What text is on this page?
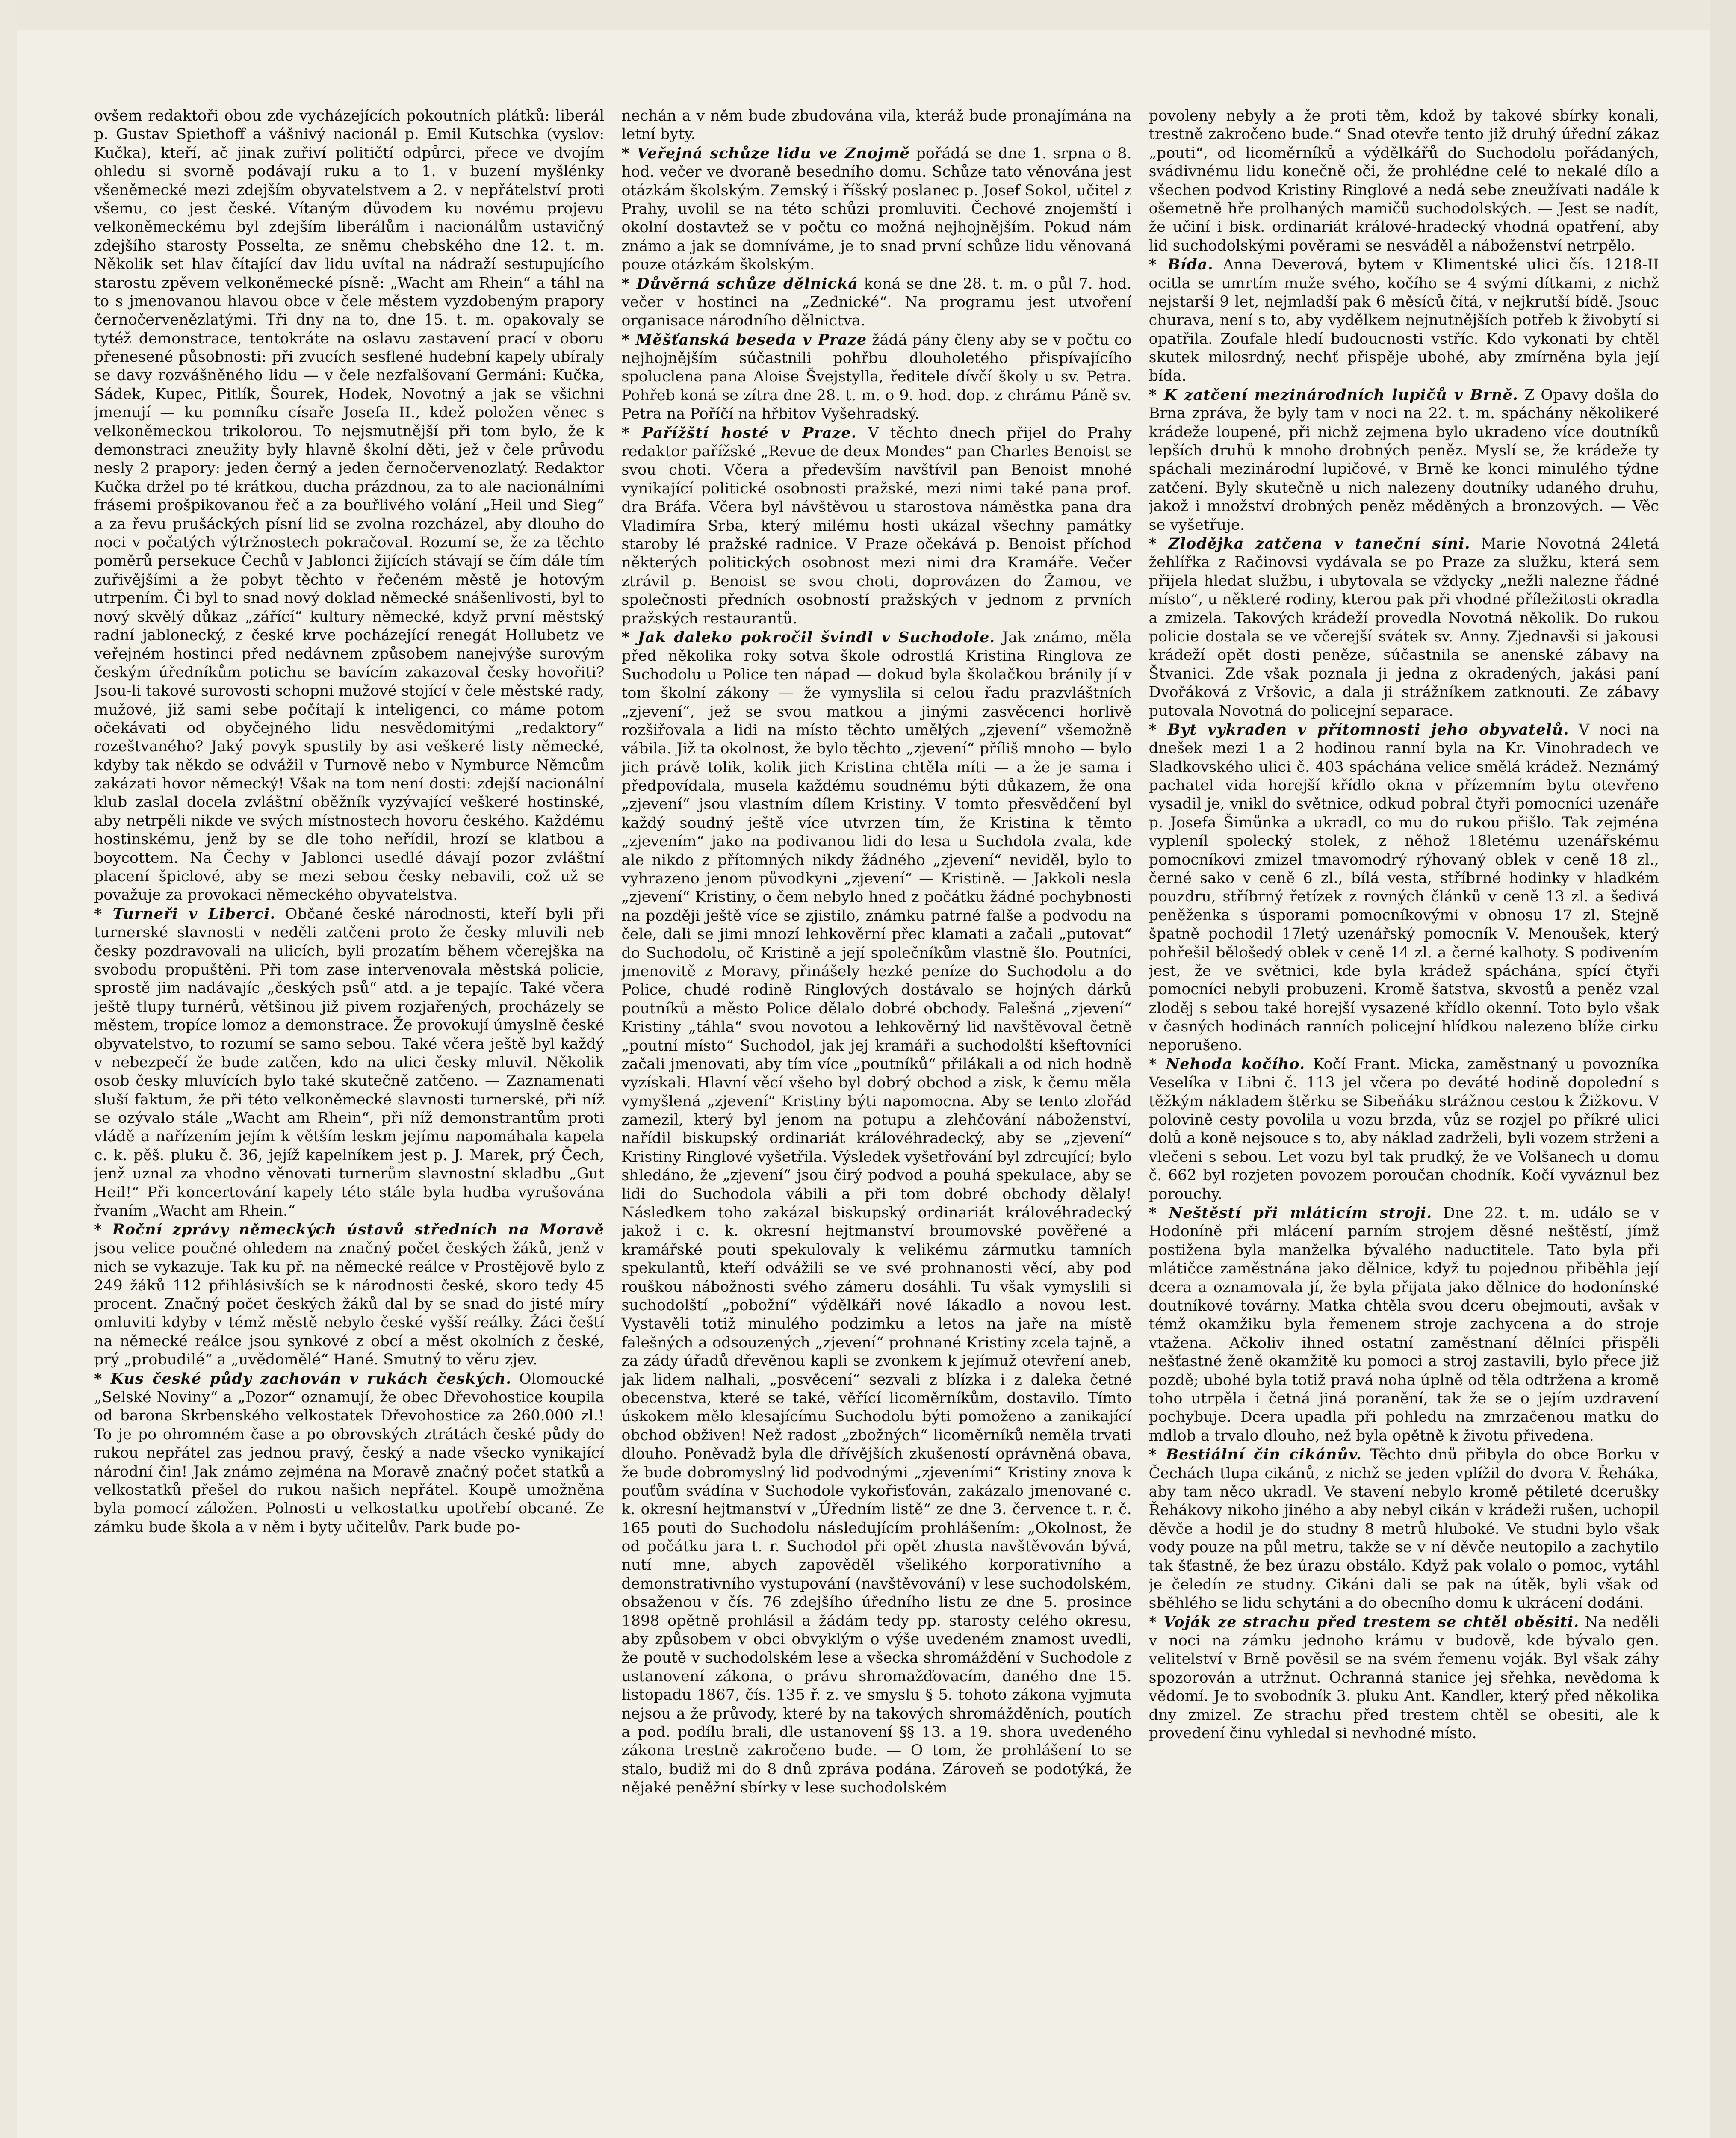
ovšem redaktoři obou zde vycházejících pokoutních plátků: liberál p. Gustav Spiethoff a vášnivý nacionál p. Emil Kutschka (vyslov: Kučka), kteří, ač jinak zuřiví političtí odpůrci, přece ve dvojím ohledu si svorně podávají ruku a to 1. v buzení myšlénky všeněmecké mezi zdejším obyvatelstvem a 2. v nepřátelství proti všemu, co jest české. Vítaným důvodem ku novému projevu velkoněmeckému byl zdejším liberálům i nacionálům ustavičný zdejšího starosty Posselta, ze sněmu chebského dne 12. t. m. Několik set hlav čítající dav lidu uvítal na nádraží sestupujícího starostu zpěvem velkoněmecké písně: „Wacht am Rhein“ a táhl na to s jmenovanou hlavou obce v čele městem vyzdobeným prapory černočervenězlatými. Tři dny na to, dne 15. t. m. opakovaly se tytéž demonstrace, tentokráte na oslavu zastavení prací v oboru přenesené působnosti: při zvucích sesflené hudební kapely ubíraly se davy rozvášněného lidu — v čele nezfalšovaní Germáni: Kučka, Sádek, Kupec, Pitlík, Šourek, Hodek, Novotný a jak se všichni jmenují — ku pomníku císaře Josefa II., kdež položen věnec s velkoněmeckou trikolorou. To nejsmutnější při tom bylo, že k demonstraci zneužity byly hlavně školní děti, jež v čele průvodu nesly 2 prapory: jeden černý a jeden černočervenozlatý. Redaktor Kučka držel po té krátkou, ducha prázdnou, za to ale nacionálními frásemi prošpikovanou řeč a za bouřlivého volání „Heil und Sieg“ a za řevu prušáckých písní lid se zvolna rozcházel, aby dlouho do noci v počatých výtržnostech pokračoval. Rozumí se, že za těchto poměrů persekuce Čechů v Jablonci žijících stávají se čím dále tím zuřivějšími a že pobyt těchto v řečeném městě je hotovým utrpením. Či byl to snad nový doklad německé snášenlivosti, byl to nový skvělý důkaz „zářící“ kultury německé, když první městský radní jablonecký, z české krve pocházející renegát Hollubetz ve veřejném hostinci před nedávnem způsobem nanejvýše surovým českým úředníkům potichu se bavícím zakazoval česky hovořiti? Jsou-li takové surovosti schopni mužové stojící v čele městské rady, mužové, již sami sebe počítají k inteligenci, co máme potom očekávati od obyčejného lidu nesvědomitými „redaktory“ rozeštvaného? Jaký povyk spustily by asi veškeré listy německé, kdyby tak někdo se odvážil v Turnově nebo v Nymburce Němcům zakázati hovor německý! Však na tom není dosti: zdejší nacionální klub zaslal docela zvláštní oběžník vyzývající veškeré hostinské, aby netrpěli nikde ve svých místnostech hovoru českého. Každému hostinskému, jenž by se dle toho neřídil, hrozí se klatbou a boycottem. Na Čechy v Jablonci usedlé dávají pozor zvláštní placení špiclové, aby se mezi sebou česky nebavili, což už se považuje za provokaci německého obyvatelstva.

* Turneři v Liberci. Občané české národnosti, kteří byli při turnerské slavnosti v neděli zatčeni proto že česky mluvili neb česky pozdravovali na ulicích, byli prozatím během včerejška na svobodu propuštěni. Při tom zase intervenovala městská policie, sprostě jim nadávajíc „českých psů“ atd. a je tepajíc. Také včera ještě tlupy turnérů, většinou již pivem rozjařených, procházely se městem, tropíce lomoz a demonstrace. Že provokují úmyslně české obyvatelstvo, to rozumí se samo sebou. Také včera ještě byl každý v nebezpečí že bude zatčen, kdo na ulici česky mluvil. Několik osob česky mluvících bylo také skutečně zatčeno. — Zaznamenati sluší faktum, že při této velkoněmecké slavnosti turnerské, při níž se ozývalo stále „Wacht am Rhein“, při níž demonstrantům proti vládě a nařízením jejím k větším leskm jejímu napomáhala kapela c. k. pěš. pluku č. 36, jejíž kapelníkem jest p. J. Marek, prý Čech, jenž uznal za vhodno věnovati turnerům slavnostní skladbu „Gut Heil!“ Při koncertování kapely této stále byla hudba vyrušována řvaním „Wacht am Rhein.“

* Roční zprávy německých ústavů středních na Moravě jsou velice poučné ohledem na značný počet českých žáků, jenž v nich se vykazuje. Tak ku př. na německé reálce v Prostějově bylo z 249 žáků 112 přihlásivších se k národnosti české, skoro tedy 45 procent. Značný počet českých žáků dal by se snad do jisté míry omluviti kdyby v témž městě nebylo české vyšší reálky. Žáci čeští na německé reálce jsou synkové z obcí a měst okolních z české, prý „probudilé“ a „uvědomělé“ Hané. Smutný to věru zjev.

* Kus české půdy zachován v rukách českých. Olomoucké „Selské Noviny“ a „Pozor“ oznamují, že obec Dřevohostice koupila od barona Skrbenského velkostatek Dřevohostice za 260.000 zl.! To je po ohromném čase a po obrovských ztrátách české půdy do rukou nepřátel zas jednou pravý, český a nade všecko vynikající národní čin! Jak známo zejména na Moravě značný počet statků a velkostatků přešel do rukou našich nepřátel. Koupě umožněna byla pomocí záložen. Polnosti u velkostatku upotřebí obcané. Ze zámku bude škola a v něm i byty učitelův. Park bude po-

nechán a v něm bude zbudována vila, kteráž bude pronajímána na letní byty.

* Veřejná schůze lidu ve Znojmě pořádá se dne 1. srpna o 8. hod. večer ve dvoraně besedního domu. Schůze tato věnována jest otázkám školským. Zemský i říšský poslanec p. Josef Sokol, učitel z Prahy, uvolil se na této schůzi promluviti. Čechové znojemští i okolní dostavtež se v počtu co možná nejhojnějším. Pokud nám známo a jak se domníváme, je to snad první schůze lidu věnovaná pouze otázkám školským.

* Důvěrná schůze dělnická koná se dne 28. t. m. o půl 7. hod. večer v hostinci na „Zednické“. Na programu jest utvoření organisace národního dělnictva.

* Měšťanská beseda v Praze žádá pány členy aby se v počtu co nejhojnějším súčastnili pohřbu dlouholetého přispívajícího spoluclena pana Aloise Švejstylla, ředitele dívčí školy u sv. Petra. Pohřeb koná se zítra dne 28. t. m. o 9. hod. dop. z chrámu Páně sv. Petra na Poříčí na hřbitov Vyšehradský.

* Pařížští hosté v Praze. V těchto dnech přijel do Prahy redaktor pařížské „Revue de deux Mondes“ pan Charles Benoist se svou choti. Včera a především navštívil pan Benoist mnohé vynikající politické osobnosti pražské, mezi nimi také pana prof. dra Bráfa. Včera byl návštěvou u starostova náměstka pana dra Vladimíra Srba, který milému hosti ukázal všechny památky staroby lé pražské radnice. V Praze očekává p. Benoist příchod některých politických osobnost mezi nimi dra Kramáře. Večer ztrávil p. Benoist se svou choti, doprovázen do Žamou, ve společnosti předních osobností pražských v jednom z prvních pražských restaurantů.

* Jak daleko pokročil švindl v Suchodole. Jak známo, měla před několika roky sotva škole odrostlá Kristina Ringlova ze Suchodolu u Police ten nápad — dokud byla školačkou bránily jí v tom školní zákony — že vymyslila si celou řadu prazvláštních „zjevení“, jež se svou matkou a jinými zasvěcenci horlivě rozšiřovala a lidi na místo těchto umělých „zjevení“ všemožně vábila. Již ta okolnost, že bylo těchto „zjevení“ příliš mnoho — bylo jich právě tolik, kolik jich Kristina chtěla míti — a že je sama i předpovídala, musela každému soudnému býti důkazem, že ona „zjevení“ jsou vlastním dílem Kristiny. V tomto přesvědčení byl každý soudný ještě více utvrzen tím, že Kristina k těmto „zjevením“ jako na podivanou lidi do lesa u Suchdola zvala, kde ale nikdo z přítomných nikdy žádného „zjevení“ neviděl, bylo to vyhrazeno jenom původkyni „zjevení“ — Kristině. — Jakkoli nesla „zjevení“ Kristiny, o čem nebylo hned z počátku žádné pochybnosti na později ještě více se zjistilo, známku patrné falše a podvodu na čele, dali se jimi mnozí lehkověrní přec klamati a začali „putovat“ do Suchodolu, oč Kristině a její společníkům vlastně šlo. Poutníci, jmenovitě z Moravy, přinášely hezké peníze do Suchodolu a do Police, chudé rodině Ringlových dostávalo se hojných dárků poutníků a město Police dělalo dobré obchody. Falešná „zjevení“ Kristiny „táhla“ svou novotou a lehkověrný lid navštěvoval četně „poutní místo“ Suchodol, jak jej kramáři a suchodolští kšeftovníci začali jmenovati, aby tím více „poutníků“ přilákali a od nich hodně vyzískali. Hlavní věcí všeho byl dobrý obchod a zisk, k čemu měla vymyšlená „zjevení“ Kristiny býti napomocna. Aby se tento zlořád zamezil, který byl jenom na potupu a zlehčování náboženství, nařídil biskupský ordinariát královéhradecký, aby se „zjevení“ Kristiny Ringlové vyšetřila. Výsledek vyšetřování byl zdrcující; bylo shledáno, že „zjevení“ jsou čirý podvod a pouhá spekulace, aby se lidi do Suchodola vábili a při tom dobré obchody dělaly! Následkem toho zakázal biskupský ordinariát královéhradecký jakož i c. k. okresní hejtmanství broumovské pověřené a kramářské pouti spekulovaly k velikému zármutku tamních spekulantů, kteří odvážili se ve své prohnanosti věcí, aby pod rouškou nábožnosti svého zámeru dosáhli. Tu však vymyslili si suchodolští „pobožní“ výdělkáři nové lákadlo a novou lest. Vystavěli totiž minulého podzimku a letos na jaře na místě falešných a odsouzených „zjevení“ prohnané Kristiny zcela tajně, a za zády úřadů dřevěnou kapli se zvonkem k jejímuž otevření aneb, jak lidem nalhali, „posvěcení“ sezvali z blízka i z daleka četné obecenstva, které se také, věřící licoměrníkům, dostavilo. Tímto úskokem mělo klesajícímu Suchodolu býti pomoženo a zanikající obchod obživen! Než radost „zbožných“ licoměrníků neměla trvati dlouho. Poněvadž byla dle dřívějších zkušeností oprávněná obava, že bude dobromyslný lid podvodnými „zjeveními“ Kristiny znova k pouťům svádína v Suchodole vykořisťován, zakázalo jmenované c. k. okresní hejtmanství v „Úředním listě“ ze dne 3. července t. r. č. 165 pouti do Suchodolu následujícím prohlášením: „Okolnost, že od počátku jara t. r. Suchodol při opět zhusta navštěvován bývá, nutí mne, abych zapověděl všelikého korporativního a demonstrativního vystupování (navštěvování) v lese suchodolském, obsaženou v čís. 76 zdejšího úředního listu ze dne 5. prosince 1898 opětně prohlásil a žádám tedy pp. starosty celého okresu, aby způsobem v obci obvyklým o výše uvedeném znamost uvedli, že poutě v suchodolském lese a všecka shromáždění v Suchodole z ustanovení zákona, o právu shromažďovacím, daného dne 15. listopadu 1867, čís. 135 ř. z. ve smyslu § 5. tohoto zákona vyjmuta nejsou a že průvody, které by na takových shromážděních, poutích a pod. podílu brali, dle ustanovení §§ 13. a 19. shora uvedeného zákona trestně zakročeno bude. — O tom, že prohlášení to se stalo, budiž mi do 8 dnů zpráva podána. Zároveň se podotýká, že nějaké peněžní sbírky v lese suchodolském

povoleny nebyly a že proti těm, kdož by takové sbírky konali, trestně zakročeno bude.“ Snad otevře tento již druhý úřední zákaz „pouti“, od licoměrníků a výdělkářů do Suchodolu pořádaných, svádivnému lidu konečně oči, že prohlédne celé to nekalé dílo a všechen podvod Kristiny Ringlové a nedá sebe zneužívati nadále k ošemetně hře prolhaných mamičů suchodolských. — Jest se nadít, že učiní i bisk. ordinariát králové-hradecký vhodná opatření, aby lid suchodolskými pověrami se nesváděl a náboženství netrpělo.

* Bída. Anna Deverová, bytem v Klimentské ulici čís. 1218-II ocitla se umrtím muže svého, kočího se 4 svými dítkami, z nichž nejstarší 9 let, nejmladší pak 6 měsíců čítá, v nejkrutší bídě. Jsouc churava, není s to, aby vydělkem nejnutnějších potřeb k živobytí si opatřila. Zoufale hledí budoucnosti vstříc. Kdo vykonati by chtěl skutek milosrdný, nechť přispěje ubohé, aby zmírněna byla její bída.

* K zatčení mezinárodních lupičů v Brně. Z Opavy došla do Brna zpráva, že byly tam v noci na 22. t. m. spáchány několikeré krádeže loupené, při nichž zejmena bylo ukradeno více doutníků lepších druhů k mnoho drobných peněz. Myslí se, že krádeže ty spáchali mezinárodní lupičové, v Brně ke konci minulého týdne zatčení. Byly skutečně u nich nalezeny doutníky udaného druhu, jakož i množství drobných peněz měděných a bronzových. — Věc se vyšetřuje.

* Zlodějka zatčena v taneční síni. Marie Novotná 24letá žehlířka z Račinovsi vydávala se po Praze za služku, která sem přijela hledat službu, i ubytovala se vždycky „nežli nalezne řádné místo“, u některé rodiny, kterou pak při vhodné příležitosti okradla a zmizela. Takových krádeží provedla Novotná několik. Do rukou policie dostala se ve včerejší svátek sv. Anny. Zjednavši si jakousi krádeží opět dosti peněze, súčastnila se anenské zábavy na Štvanici. Zde však poznala ji jedna z okradených, jakási paní Dvořáková z Vršovic, a dala ji strážníkem zatknouti. Ze zábavy putovala Novotná do policejní separace.

* Byt vykraden v přítomnosti jeho obyvatelů. V noci na dnešek mezi 1 a 2 hodinou ranní byla na Kr. Vinohradech ve Sladkovského ulici č. 403 spáchána velice smělá krádež. Neznámý pachatel vida horejší křídlo okna v přízemním bytu otevřeno vysadil je, vnikl do světnice, odkud pobral čtyři pomocníci uzenáře p. Josefa Šimůnka a ukradl, co mu do rukou přišlo. Tak zejména vypleníl spolecký stolek, z něhož 18letému uzenářskému pomocníkovi zmizel tmavomodrý rýhovaný oblek v ceně 18 zl., černé sako v ceně 6 zl., bílá vesta, stříbrné hodinky v hladkém pouzdru, stříbrný řetízek z rovných článků v ceně 13 zl. a šedivá peněženka s úsporami pomocníkovými v obnosu 17 zl. Stejně špatně pochodil 17letý uzenářský pomocník V. Menoušek, který pohřešil bělošedý oblek v ceně 14 zl. a černé kalhoty. S podivením jest, že ve světnici, kde byla krádež spáchána, spící čtyři pomocníci nebyli probuzeni. Kromě šatstva, skvostů a peněz vzal zloděj s sebou také horejší vysazené křídlo okenní. Toto bylo však v časných hodinách ranních policejní hlídkou nalezeno blíže cirku neporušeno.

* Nehoda kočího. Kočí Frant. Micka, zaměstnaný u povozníka Veselíka v Libni č. 113 jel včera po deváté hodině dopolední s těžkým nákladem štěrku se Sibeňáku strážnou cestou k Žižkovu. V polovině cesty povolila u vozu brzda, vůz se rozjel po příkré ulici dolů a koně nejsouce s to, aby náklad zadrželi, byli vozem strženi a vlečeni s sebou. Let vozu byl tak prudký, že ve Volšanech u domu č. 662 byl rozjeten povozem poroučan chodník. Kočí vyváznul bez porouchy.

* Neštěstí při mláticím stroji. Dne 22. t. m. událo se v Hodoníně při mlácení parním strojem děsné neštěstí, jímž postižena byla manželka bývalého naductitele. Tato byla při mlátičce zaměstnána jako dělnice, když tu pojednou přiběhla její dcera a oznamovala jí, že byla přijata jako dělnice do hodonínské doutníkové továrny. Matka chtěla svou dceru obejmouti, avšak v témž okamžiku byla řemenem stroje zachycena a do stroje vtažena. Ačkoliv ihned ostatní zaměstnaní dělníci přispěli nešťastné ženě okamžitě ku pomoci a stroj zastavili, bylo přece již pozdě; ubohé byla totiž pravá noha úplně od těla odtržena a kromě toho utrpěla i četná jiná poranění, tak že se o jejím uzdravení pochybuje. Dcera upadla při pohledu na zmrzačenou matku do mdlob a trvalo dlouho, než byla opětně k životu přivedena.

* Bestiální čin cikánův. Těchto dnů přibyla do obce Borku v Čechách tlupa cikánů, z nichž se jeden vplížil do dvora V. Řeháka, aby tam něco ukradl. Ve stavení nebylo kromě pětileté dcerušky Řehákovy nikoho jiného a aby nebyl cikán v krádeži rušen, uchopil děvče a hodil je do studny 8 metrů hluboké. Ve studni bylo však vody pouze na půl metru, takže se v ní děvče neutopilo a zachytilo tak šťastně, že bez úrazu obstálo. Když pak volalo o pomoc, vytáhl je čeledín ze studny. Cikáni dali se pak na útěk, byli však od sběhlého se lidu schytáni a do obecního domu k ukrácení dodáni.

* Voják ze strachu před trestem se chtěl oběsiti. Na neděli v noci na zámku jednoho krámu v budově, kde bývalo gen. velitelství v Brně pověsil se na svém řemenu voják. Byl však záhy spozorován a utržnut. Ochranná stanice jej sřehka, nevědoma k vědomí. Je to svobodník 3. pluku Ant. Kandler, který před několika dny zmizel. Ze strachu před trestem chtěl se obesiti, ale k provedení činu vyhledal si nevhodné místo.
